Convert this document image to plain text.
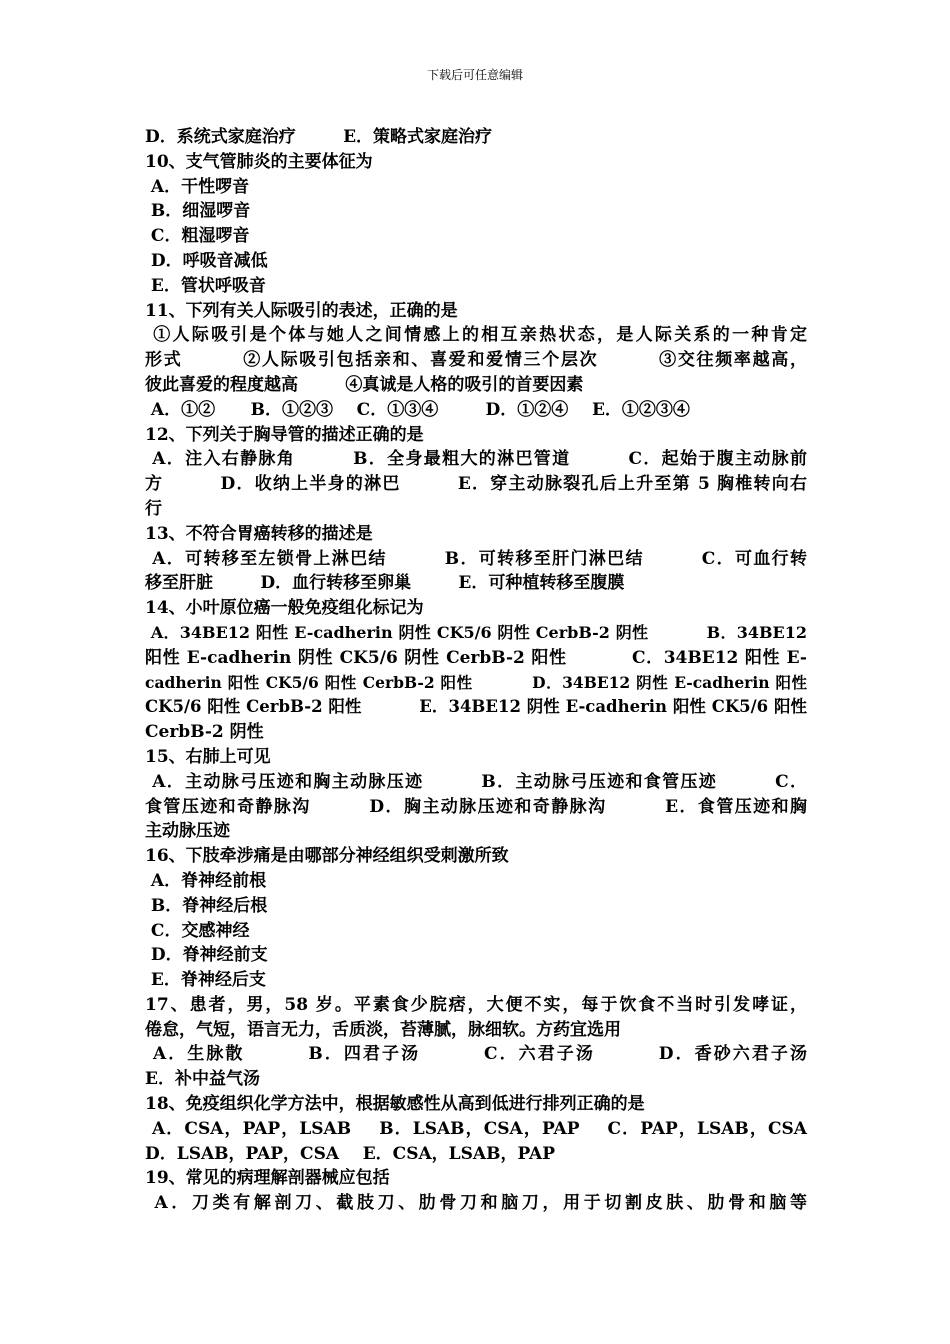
下载后可任意编辑
D．系统式家庭治疗        E．策略式家庭治疗
10、支气管肺炎的主要体征为
A．干性啰音
B．细湿啰音
C．粗湿啰音
D．呼吸音减低
E．管状呼吸音
11、下列有关人际吸引的表述，正确的是
①人际吸引是个体与她人之间情感上的相互亲热状态，是人际关系的一种肯定
形式        ②人际吸引包括亲和、喜爱和爱情三个层次        ③交往频率越高，
彼此喜爱的程度越高        ④真诚是人格的吸引的首要因素
A．①②      B．①②③    C．①③④        D．①②④    E．①②③④
12、下列关于胸导管的描述正确的是
A．注入右静脉角        B．全身最粗大的淋巴管道        C．起始于腹主动脉前
方        D．收纳上半身的淋巴        E．穿主动脉裂孔后上升至第 5 胸椎转向右
行
13、不符合胃癌转移的描述是
A．可转移至左锁骨上淋巴结        B．可转移至肝门淋巴结        C．可血行转
移至肝脏        D．血行转移至卵巢        E．可种植转移至腹膜
14、小叶原位癌一般免疫组化标记为
A．34BE12 阳性 E-cadherin 阴性 CK5/6 阴性 CerbB-2 阴性          B．34BE12
阳性 E-cadherin 阴性 CK5/6 阴性 CerbB-2 阳性          C．34BE12 阳性 E-
cadherin 阳性 CK5/6 阳性 CerbB-2 阳性          D．34BE12 阴性 E-cadherin 阳性
CK5/6 阳性 CerbB-2 阳性          E．34BE12 阴性 E-cadherin 阳性 CK5/6 阳性
CerbB-2 阴性
15、右肺上可见
A．主动脉弓压迹和胸主动脉压迹        B．主动脉弓压迹和食管压迹        C．
食管压迹和奇静脉沟        D．胸主动脉压迹和奇静脉沟        E．食管压迹和胸
主动脉压迹
16、下肢牵涉痛是由哪部分神经组织受刺激所致
A．脊神经前根
B．脊神经后根
C．交感神经
D．脊神经前支
E．脊神经后支
17、患者，男，58 岁。平素食少脘痞，大便不实，每于饮食不当时引发哮证，
倦怠，气短，语言无力，舌质淡，苔薄腻，脉细软。方药宜选用
A．生脉散        B．四君子汤        C．六君子汤        D．香砂六君子汤
E．补中益气汤
18、免疫组织化学方法中，根据敏感性从高到低进行排列正确的是
A．CSA，PAP，LSAB    B．LSAB，CSA，PAP    C．PAP，LSAB，CSA
D．LSAB，PAP，CSA    E．CSA，LSAB，PAP
19、常见的病理解剖器械应包括
A．刀类有解剖刀、截肢刀、肋骨刀和脑刀，用于切割皮肤、肋骨和脑等
